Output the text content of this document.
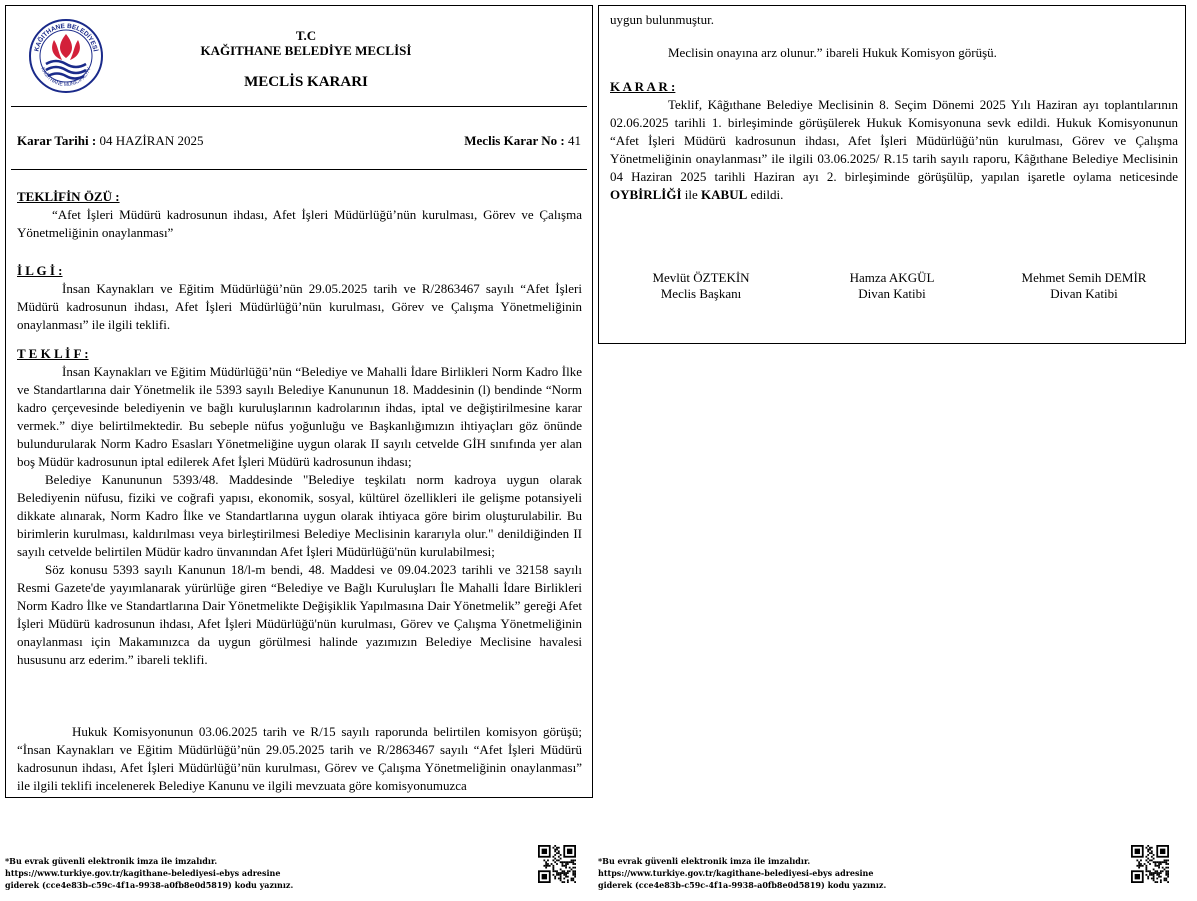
KAĞITHANE BELEDİYESİ
KAĞITHANE MUNICIPALITY
T.C
KAĞITHANE BELEDİYE MECLİSİ
MECLİS KARARI
Karar Tarihi : 04 HAZİRAN 2025	Meclis Karar No : 41

TEKLİFİN ÖZÜ :

“Afet İşleri Müdürü kadrosunun ihdası, Afet İşleri Müdürlüğü’nün kurulması, Görev ve Çalışma Yönetmeliğinin onaylanması”

İ L G İ :

İnsan Kaynakları ve Eğitim Müdürlüğü’nün 29.05.2025 tarih ve R/2863467 sayılı “Afet İşleri Müdürü kadrosunun ihdası, Afet İşleri Müdürlüğü’nün kurulması, Görev ve Çalışma Yönetmeliğinin onaylanması” ile ilgili teklifi.

T E K L İ F :

İnsan Kaynakları ve Eğitim Müdürlüğü’nün “Belediye ve Mahalli İdare Birlikleri Norm Kadro İlke ve Standartlarına dair Yönetmelik ile 5393 sayılı Belediye Kanununun 18. Maddesinin (l) bendinde “Norm kadro çerçevesinde belediyenin ve bağlı kuruluşlarının kadrolarının ihdas, iptal ve değiştirilmesine karar vermek.” diye belirtilmektedir. Bu sebeple nüfus yoğunluğu ve Başkanlığımızın ihtiyaçları göz önünde bulundurularak Norm Kadro Esasları Yönetmeliğine uygun olarak II sayılı cetvelde GİH sınıfında yer alan boş Müdür kadrosunun iptal edilerek Afet İşleri Müdürü kadrosunun ihdası;

Belediye Kanununun 5393/48. Maddesinde "Belediye teşkilatı norm kadroya uygun olarak Belediyenin nüfusu, fiziki ve coğrafi yapısı, ekonomik, sosyal, kültürel özellikleri ile gelişme potansiyeli dikkate alınarak, Norm Kadro İlke ve Standartlarına uygun olarak ihtiyaca göre birim oluşturulabilir. Bu birimlerin kurulması, kaldırılması veya birleştirilmesi Belediye Meclisinin kararıyla olur." denildiğinden II sayılı cetvelde belirtilen Müdür kadro ünvanından Afet İşleri Müdürlüğü'nün kurulabilmesi;

Söz konusu 5393 sayılı Kanunun 18/l-m bendi, 48. Maddesi ve 09.04.2023 tarihli ve 32158 sayılı Resmi Gazete'de yayımlanarak yürürlüğe giren “Belediye ve Bağlı Kuruluşları İle Mahalli İdare Birlikleri Norm Kadro İlke ve Standartlarına Dair Yönetmelikte Değişiklik Yapılmasına Dair Yönetmelik” gereği Afet İşleri Müdürü kadrosunun ihdası, Afet İşleri Müdürlüğü'nün kurulması, Görev ve Çalışma Yönetmeliğinin onaylanması için Makamınızca da uygun görülmesi halinde yazımızın Belediye Meclisine havalesi hususunu arz ederim.” ibareli teklifi.

Hukuk Komisyonunun 03.06.2025 tarih ve R/15 sayılı raporunda belirtilen komisyon görüşü; “İnsan Kaynakları ve Eğitim Müdürlüğü’nün 29.05.2025 tarih ve R/2863467 sayılı “Afet İşleri Müdürü kadrosunun ihdası, Afet İşleri Müdürlüğü’nün kurulması, Görev ve Çalışma Yönetmeliğinin onaylanması” ile ilgili teklifi incelenerek Belediye Kanunu ve ilgili mevzuata göre komisyonumuzca

uygun bulunmuştur.

Meclisin onayına arz olunur.” ibareli Hukuk Komisyon görüşü.

K A R A R :

Teklif, Kâğıthane Belediye Meclisinin 8. Seçim Dönemi 2025 Yılı Haziran ayı toplantılarının 02.06.2025 tarihli 1. birleşiminde görüşülerek Hukuk Komisyonuna sevk edildi. Hukuk Komisyonunun “Afet İşleri Müdürü kadrosunun ihdası, Afet İşleri Müdürlüğü’nün kurulması, Görev ve Çalışma Yönetmeliğinin onaylanması” ile ilgili 03.06.2025/ R.15 tarih sayılı raporu, Kâğıthane Belediye Meclisinin 04 Haziran 2025 tarihli Haziran ayı 2. birleşiminde görüşülüp, yapılan işaretle oylama neticesinde OYBİRLİĞİ ile KABUL edildi.

Mevlüt ÖZTEKİN
Meclis Başkanı
Hamza AKGÜL
Divan Katibi
Mehmet Semih DEMİR
Divan Katibi
*Bu evrak güvenli elektronik imza ile imzalıdır.
https://www.turkiye.gov.tr/kagithane-belediyesi-ebys adresine
giderek (cce4e83b-c59c-4f1a-9938-a0fb8e0d5819) kodu yazınız.
*Bu evrak güvenli elektronik imza ile imzalıdır.
https://www.turkiye.gov.tr/kagithane-belediyesi-ebys adresine
giderek (cce4e83b-c59c-4f1a-9938-a0fb8e0d5819) kodu yazınız.
